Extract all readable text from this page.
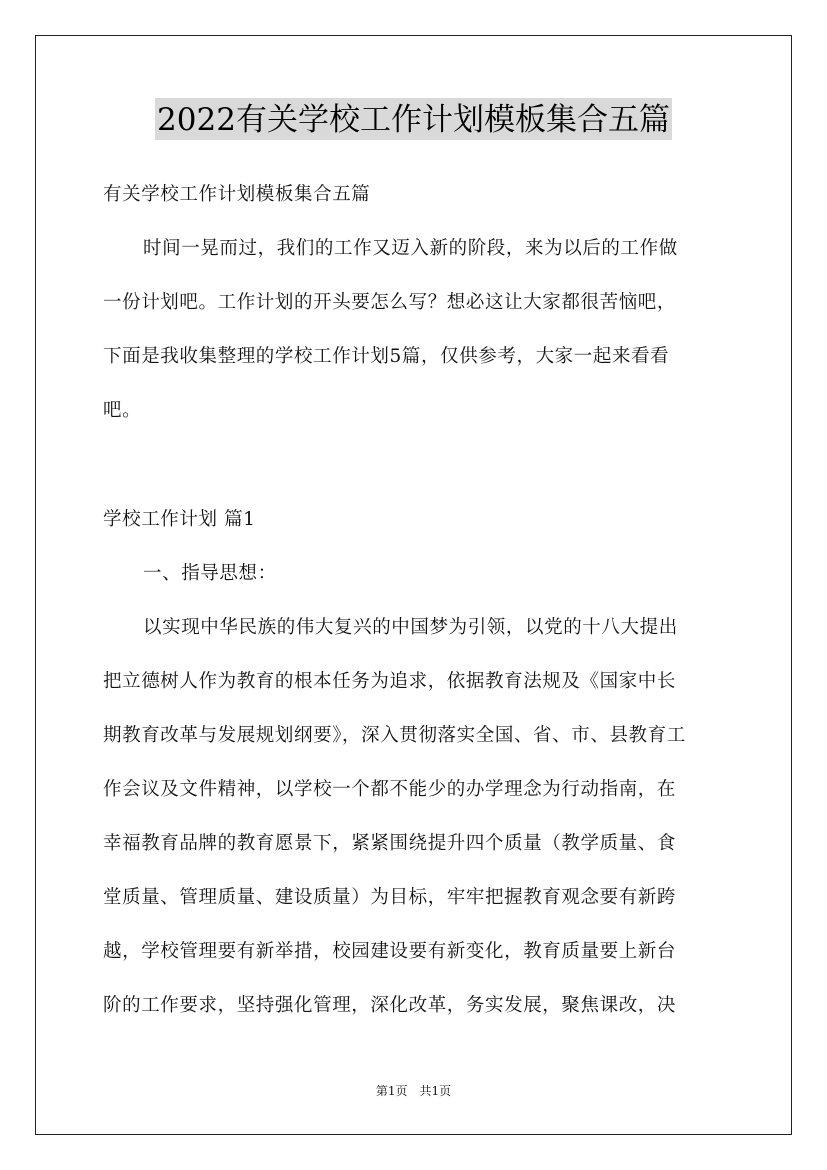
2022有关学校工作计划模板集合五篇
有关学校工作计划模板集合五篇
时间一晃而过，我们的工作又迈入新的阶段，来为以后的工作做
一份计划吧。工作计划的开头要怎么写？想必这让大家都很苦恼吧，
下面是我收集整理的学校工作计划5篇，仅供参考，大家一起来看看
吧。
学校工作计划 篇1
一、指导思想：
以实现中华民族的伟大复兴的中国梦为引领，以党的十八大提出
把立德树人作为教育的根本任务为追求，依据教育法规及《国家中长
期教育改革与发展规划纲要》，深入贯彻落实全国、省、市、县教育工
作会议及文件精神，以学校一个都不能少的办学理念为行动指南，在
幸福教育品牌的教育愿景下，紧紧围绕提升四个质量（教学质量、食
堂质量、管理质量、建设质量）为目标，牢牢把握教育观念要有新跨
越，学校管理要有新举措，校园建设要有新变化，教育质量要上新台
阶的工作要求，坚持强化管理，深化改革，务实发展，聚焦课改，决
第1页　共1页
